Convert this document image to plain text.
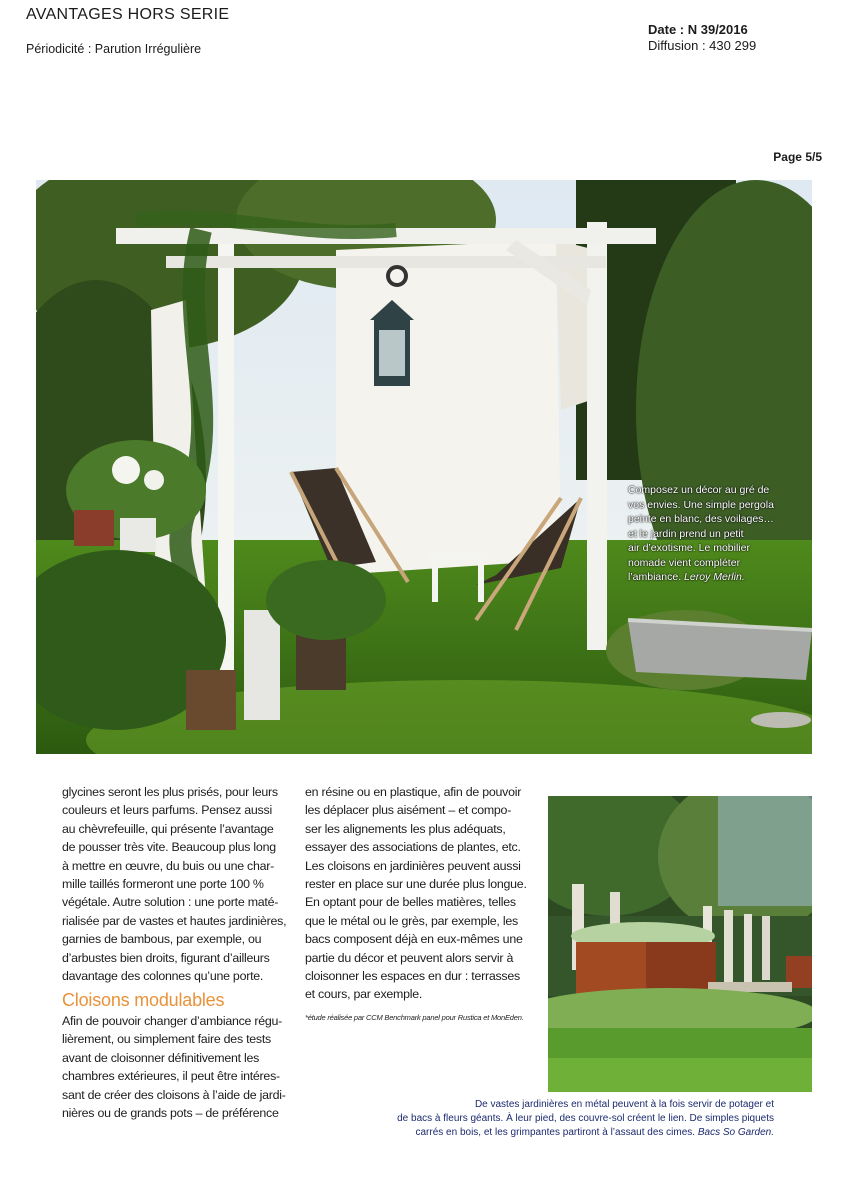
AVANTAGES HORS SERIE
Périodicité : Parution Irrégulière
Date : N 39/2016
Diffusion : 430 299
Page 5/5

Composez un décor au gré de

vos envies. Une simple pergola

peinte en blanc, des voilages…

et le jardin prend un petit

air d’exotisme. Le mobilier

nomade vient compléter

l’ambiance. Leroy Merlin.

glycines seront les plus prisés, pour leurs

couleurs et leurs parfums. Pensez aussi

au chèvrefeuille, qui présente l’avantage

de pousser très vite. Beaucoup plus long

à mettre en œuvre, du buis ou une char-

mille taillés formeront une porte 100 %

végétale. Autre solution : une porte maté-

rialisée par de vastes et hautes jardinières,

garnies de bambous, par exemple, ou

d’arbustes bien droits, figurant d’ailleurs

davantage des colonnes qu’une porte.

Cloisons modulables

Afin de pouvoir changer d’ambiance régu-

lièrement, ou simplement faire des tests

avant de cloisonner définitivement les

chambres extérieures, il peut être intéres-

sant de créer des cloisons à l’aide de jardi-

nières ou de grands pots – de préférence

en résine ou en plastique, afin de pouvoir

les déplacer plus aisément – et compo-

ser les alignements les plus adéquats,

essayer des associations de plantes, etc.

Les cloisons en jardinières peuvent aussi

rester en place sur une durée plus longue.

En optant pour de belles matières, telles

que le métal ou le grès, par exemple, les

bacs composent déjà en eux-mêmes une

partie du décor et peuvent alors servir à

cloisonner les espaces en dur : terrasses

et cours, par exemple.

*étude réalisée par CCM Benchmark panel pour Rustica et MonEden.

De vastes jardinières en métal peuvent à la fois servir de potager et

de bacs à fleurs géants. À leur pied, des couvre-sol créent le lien. De simples piquets

carrés en bois, et les grimpantes partiront à l’assaut des cimes. Bacs So Garden.
